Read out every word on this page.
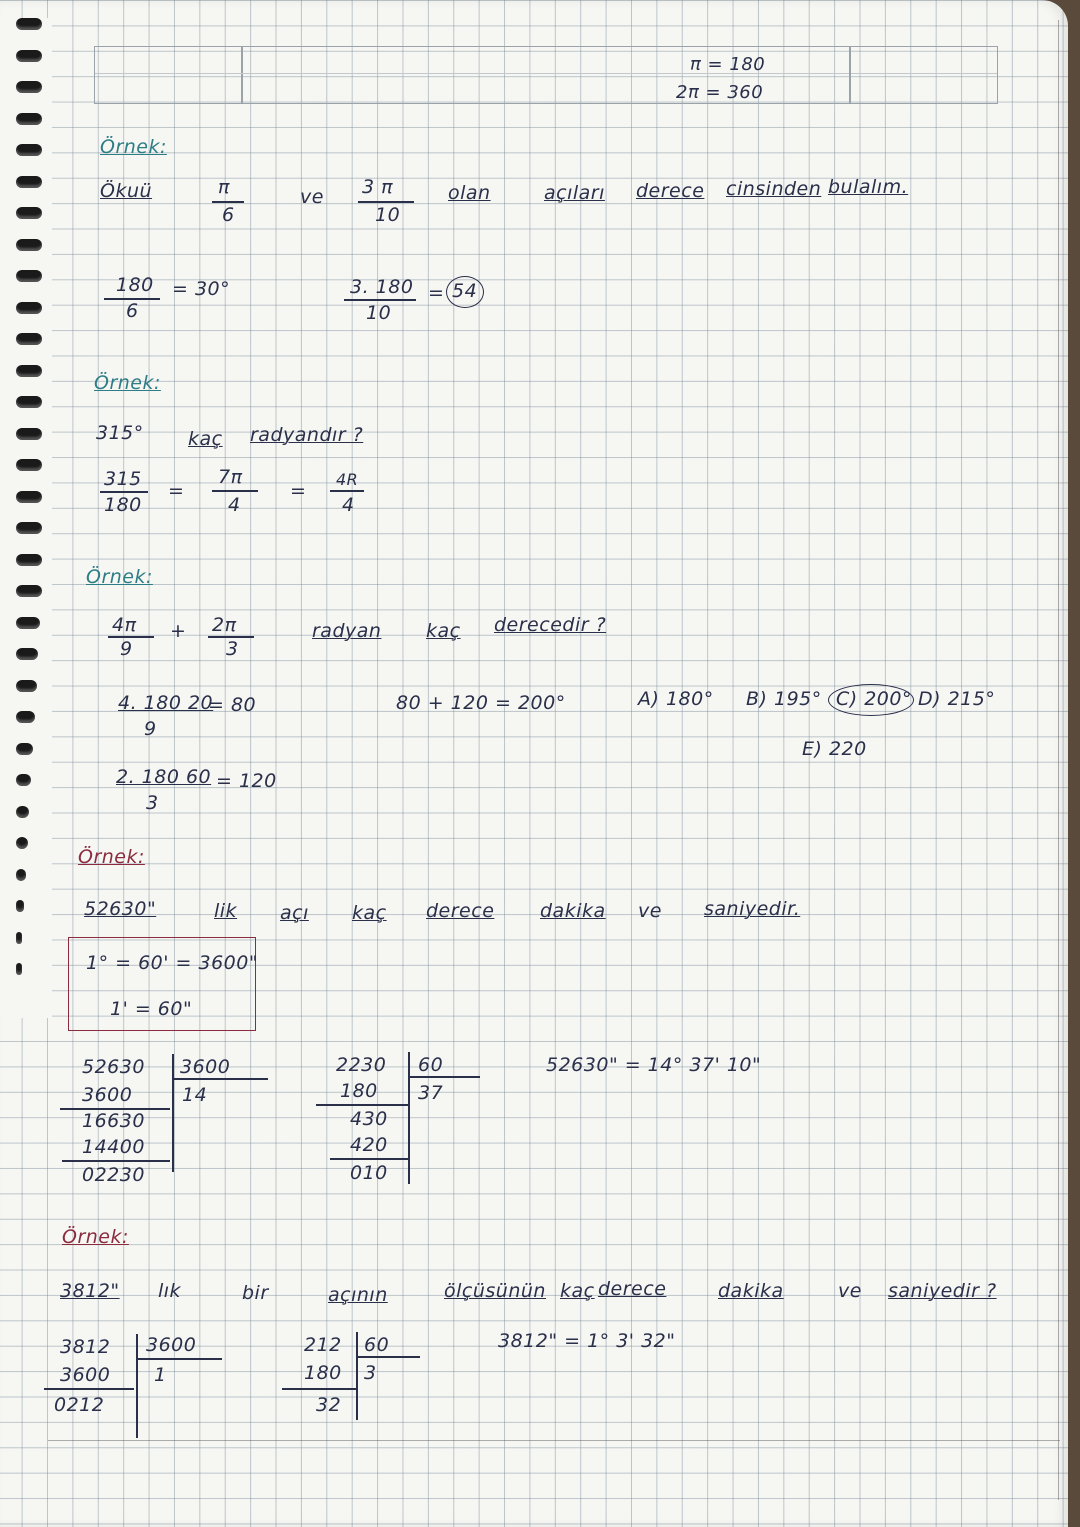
π = 180
2π = 360
Örnek:
Ökuü	π
6
ve 3 π
10
olan	açıları derece cinsinden bulalım.
180
6
= 30°	3. 180
10
= 54
Örnek:
315° kaç radyandır ?
315
180
=
7π
4
=
4R
4
Örnek:
4π
9
+ 2π
3
radyan kaç derecedir ?
4. 180 20
9
= 80	80 + 120 = 200°	A) 180° B) 195° C) 200° D) 215°
E) 220
2. 180 60
3
= 120
Örnek:
52630"	lik açı kaç derece dakika ve saniyedir.
1° = 60' = 3600"
1' = 60"
52630
3600
16630
14400
02230
3600
14
2230
180
430
420
010
60
37
52630" = 14° 37' 10"
Örnek:
3812" lık	bir	açının	ölçüsünün kaç derece	dakika	ve saniyedir ?
3812
3600
0212
3600
1
212
180
32
60
3
3812" = 1° 3' 32"
